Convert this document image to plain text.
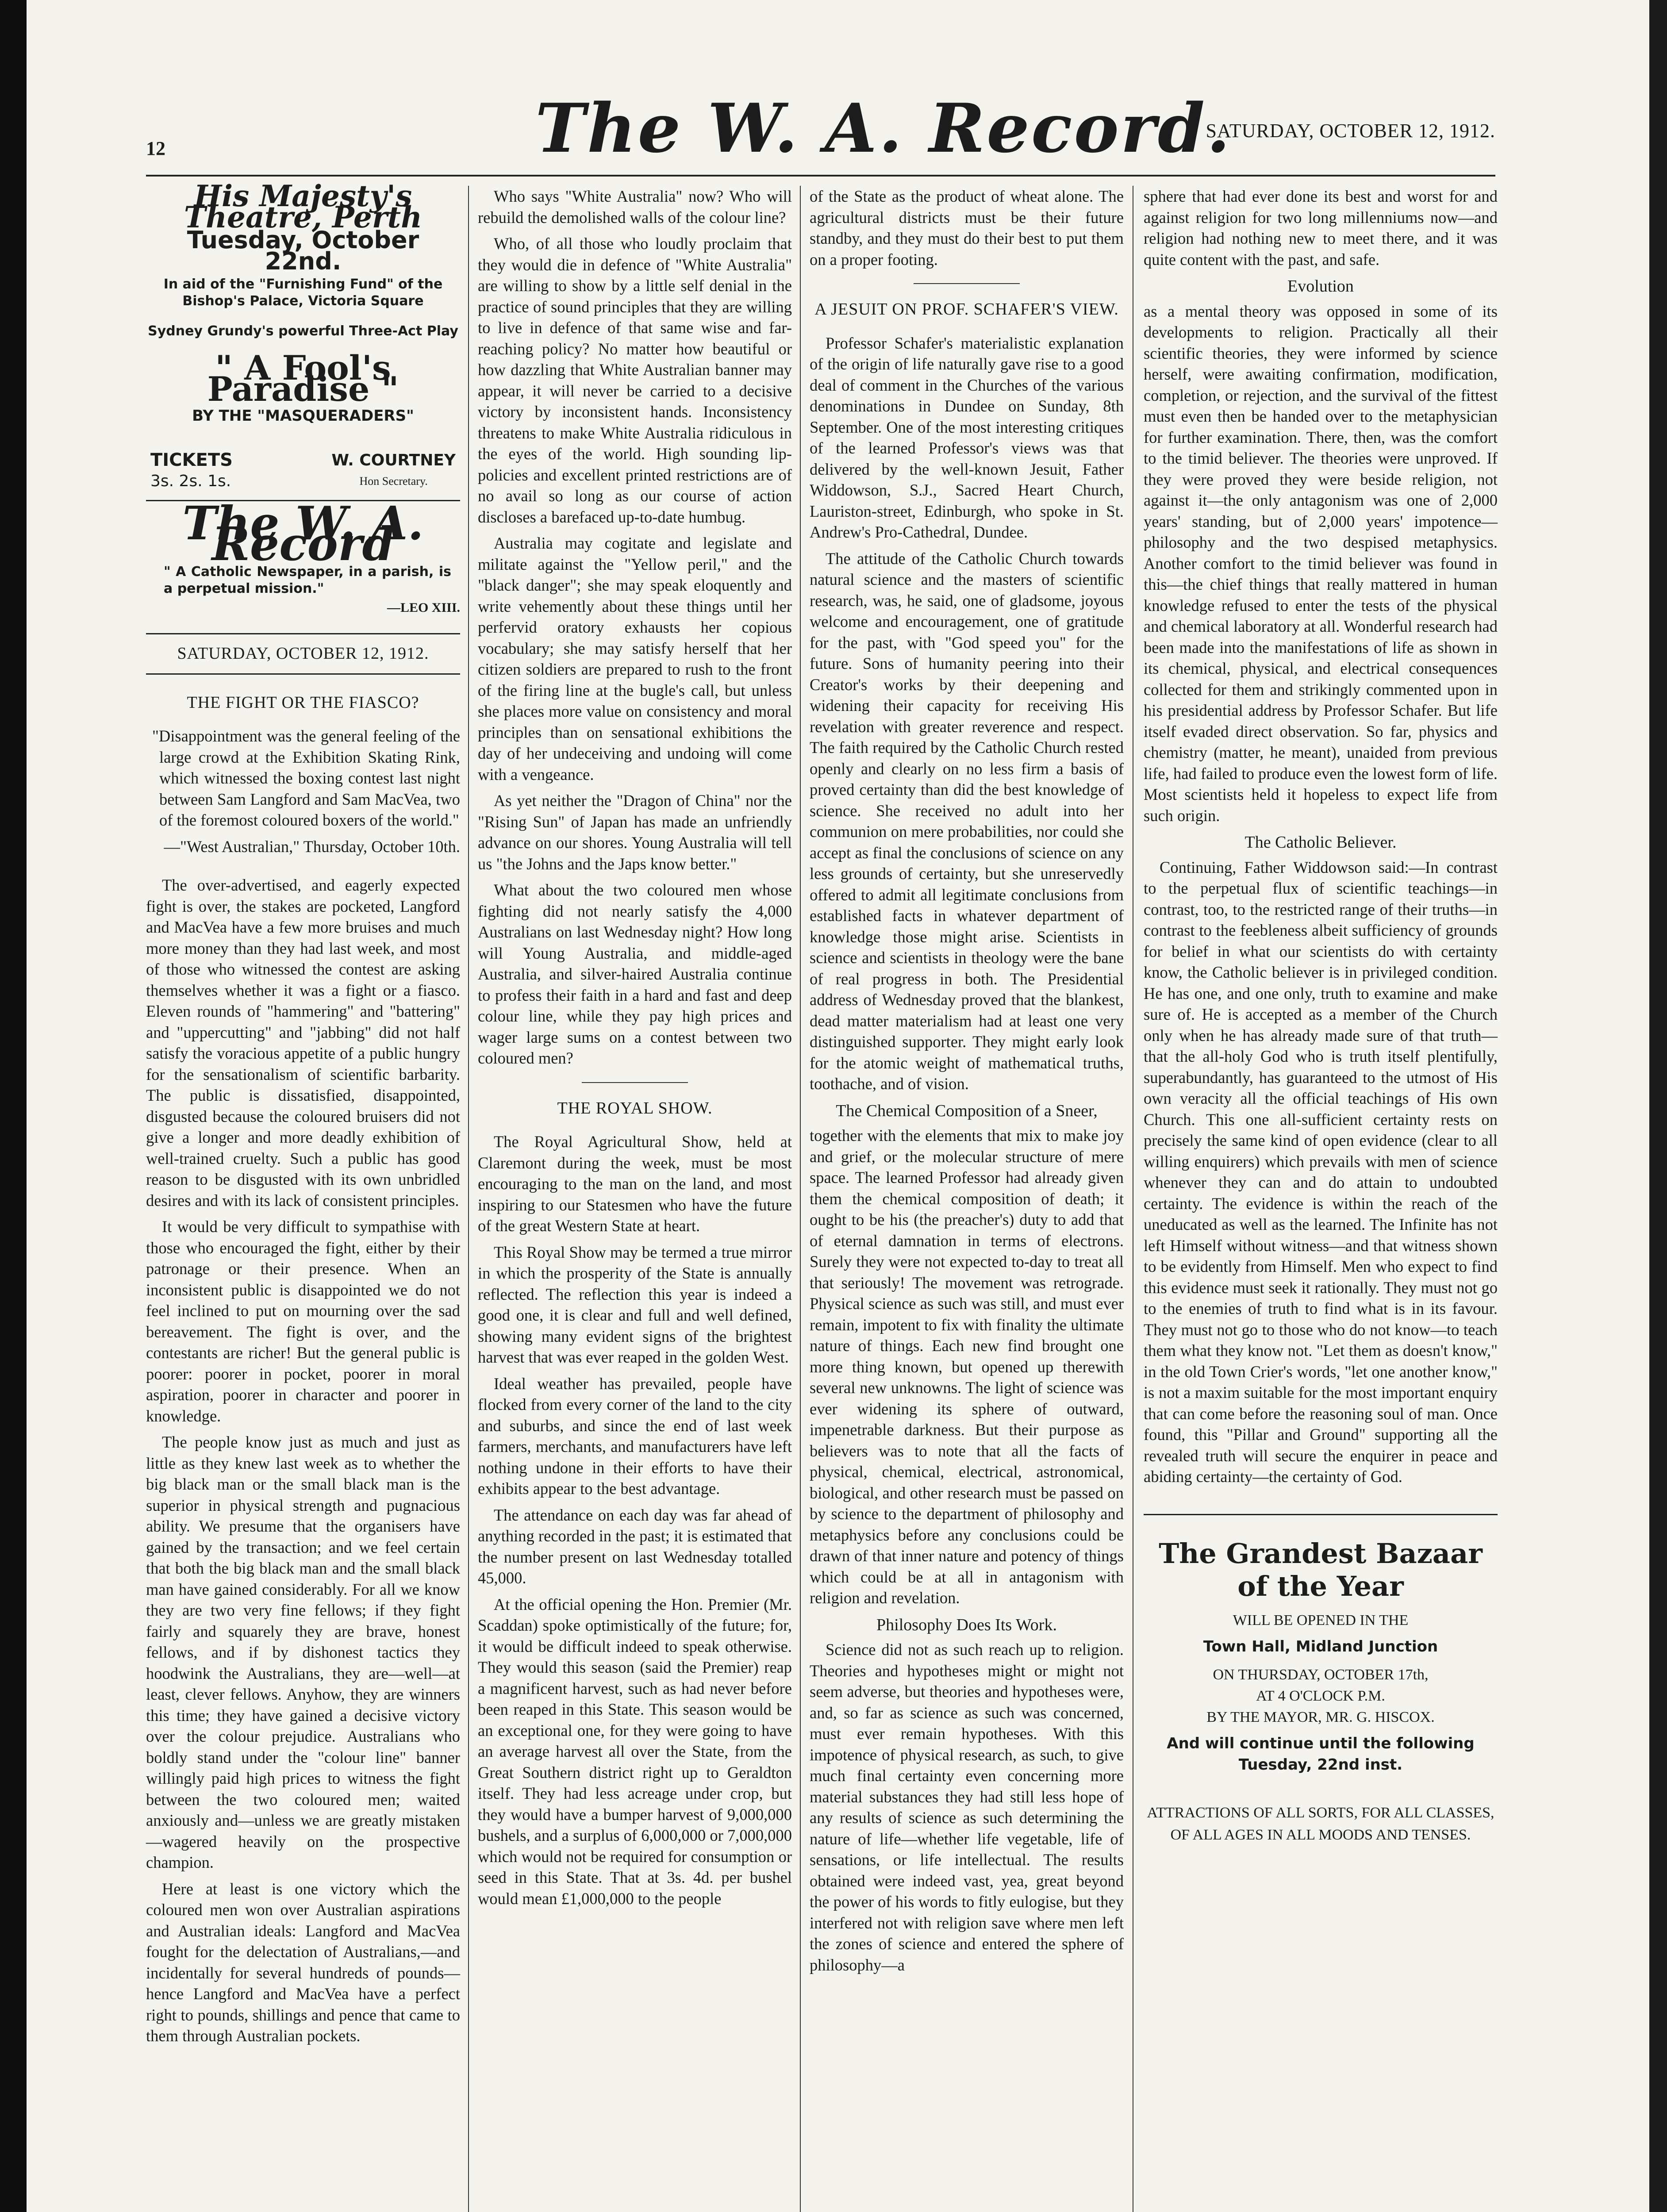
12	The W. A. Record.
SATURDAY, OCTOBER 12, 1912.
His Majesty's Theatre, Perth
Tuesday, October 22nd.
In aid of the "Furnishing Fund" of the Bishop's Palace, Victoria Square
Sydney Grundy's powerful Three-Act Play
" A Fool's Paradise "
BY THE "MASQUERADERS"
TICKETS
3s. 2s. 1s.
W. COURTNEY
Hon Secretary.
The W. A. Record
" A Catholic Newspaper, in a parish, is a perpetual mission."
—LEO XIII.
SATURDAY, OCTOBER 12, 1912.
THE FIGHT OR THE FIASCO?

"Disappointment was the general feeling of the large crowd at the Exhibition Skating Rink, which witnessed the boxing contest last night between Sam Langford and Sam MacVea, two of the foremost coloured boxers of the world."

—"West Australian," Thursday, October 10th.

The over-advertised, and eagerly expected fight is over, the stakes are pocketed, Langford and MacVea have a few more bruises and much more money than they had last week, and most of those who witnessed the contest are asking themselves whether it was a fight or a fiasco. Eleven rounds of "hammering" and "battering" and "uppercutting" and "jabbing" did not half satisfy the voracious appetite of a public hungry for the sensationalism of scientific barbarity. The public is dissatisfied, disappointed, disgusted because the coloured bruisers did not give a longer and more deadly exhibition of well-trained cruelty. Such a public has good reason to be disgusted with its own unbridled desires and with its lack of consistent principles.

It would be very difficult to sympathise with those who encouraged the fight, either by their patronage or their presence. When an inconsistent public is disappointed we do not feel inclined to put on mourning over the sad bereavement. The fight is over, and the contestants are richer! But the general public is poorer: poorer in pocket, poorer in moral aspiration, poorer in character and poorer in knowledge.

The people know just as much and just as little as they knew last week as to whether the big black man or the small black man is the superior in physical strength and pugnacious ability. We presume that the organisers have gained by the transaction; and we feel certain that both the big black man and the small black man have gained considerably. For all we know they are two very fine fellows; if they fight fairly and squarely they are brave, honest fellows, and if by dishonest tactics they hoodwink the Australians, they are—well—at least, clever fellows. Anyhow, they are winners this time; they have gained a decisive victory over the colour prejudice. Australians who boldly stand under the "colour line" banner willingly paid high prices to witness the fight between the two coloured men; waited anxiously and—unless we are greatly mistaken—wagered heavily on the prospective champion.

Here at least is one victory which the coloured men won over Australian aspirations and Australian ideals: Langford and MacVea fought for the delectation of Australians,—and incidentally for several hundreds of pounds—hence Langford and MacVea have a perfect right to pounds, shillings and pence that came to them through Australian pockets.

Who says "White Australia" now? Who will rebuild the demolished walls of the colour line?

Who, of all those who loudly proclaim that they would die in defence of "White Australia" are willing to show by a little self denial in the practice of sound principles that they are willing to live in defence of that same wise and far-reaching policy? No matter how beautiful or how dazzling that White Australian banner may appear, it will never be carried to a decisive victory by inconsistent hands. Inconsistency threatens to make White Australia ridiculous in the eyes of the world. High sounding lip-policies and excellent printed restrictions are of no avail so long as our course of action discloses a barefaced up-to-date humbug.

Australia may cogitate and legislate and militate against the "Yellow peril," and the "black danger"; she may speak eloquently and write vehemently about these things until her perfervid oratory exhausts her copious vocabulary; she may satisfy herself that her citizen soldiers are prepared to rush to the front of the firing line at the bugle's call, but unless she places more value on consistency and moral principles than on sensational exhibitions the day of her undeceiving and undoing will come with a vengeance.

As yet neither the "Dragon of China" nor the "Rising Sun" of Japan has made an unfriendly advance on our shores. Young Australia will tell us "the Johns and the Japs know better."

What about the two coloured men whose fighting did not nearly satisfy the 4,000 Australians on last Wednesday night? How long will Young Australia, and middle-aged Australia, and silver-haired Australia continue to profess their faith in a hard and fast and deep colour line, while they pay high prices and wager large sums on a contest between two coloured men?

THE ROYAL SHOW.

The Royal Agricultural Show, held at Claremont during the week, must be most encouraging to the man on the land, and most inspiring to our Statesmen who have the future of the great Western State at heart.

This Royal Show may be termed a true mirror in which the prosperity of the State is annually reflected. The reflection this year is indeed a good one, it is clear and full and well defined, showing many evident signs of the brightest harvest that was ever reaped in the golden West.

Ideal weather has prevailed, people have flocked from every corner of the land to the city and suburbs, and since the end of last week farmers, merchants, and manufacturers have left nothing undone in their efforts to have their exhibits appear to the best advantage.

The attendance on each day was far ahead of anything recorded in the past; it is estimated that the number present on last Wednesday totalled 45,000.

At the official opening the Hon. Premier (Mr. Scaddan) spoke optimistically of the future; for, it would be difficult indeed to speak otherwise. They would this season (said the Premier) reap a magnificent harvest, such as had never before been reaped in this State. This season would be an exceptional one, for they were going to have an average harvest all over the State, from the Great Southern district right up to Geraldton itself. They had less acreage under crop, but they would have a bumper harvest of 9,000,000 bushels, and a surplus of 6,000,000 or 7,000,000 which would not be required for consumption or seed in this State. That at 3s. 4d. per bushel would mean £1,000,000 to the people

of the State as the product of wheat alone. The agricultural districts must be their future standby, and they must do their best to put them on a proper footing.

A JESUIT ON PROF. SCHAFER'S VIEW.

Professor Schafer's materialistic explanation of the origin of life naturally gave rise to a good deal of comment in the Churches of the various denominations in Dundee on Sunday, 8th September. One of the most interesting critiques of the learned Professor's views was that delivered by the well-known Jesuit, Father Widdowson, S.J., Sacred Heart Church, Lauriston-street, Edinburgh, who spoke in St. Andrew's Pro-Cathedral, Dundee.

The attitude of the Catholic Church towards natural science and the masters of scientific research, was, he said, one of gladsome, joyous welcome and encouragement, one of gratitude for the past, with "God speed you" for the future. Sons of humanity peering into their Creator's works by their deepening and widening their capacity for receiving His revelation with greater reverence and respect. The faith required by the Catholic Church rested openly and clearly on no less firm a basis of proved certainty than did the best knowledge of science. She received no adult into her communion on mere probabilities, nor could she accept as final the conclusions of science on any less grounds of certainty, but she unreservedly offered to admit all legitimate conclusions from established facts in whatever department of knowledge those might arise. Scientists in science and scientists in theology were the bane of real progress in both. The Presidential address of Wednesday proved that the blankest, dead matter materialism had at least one very distinguished supporter. They might early look for the atomic weight of mathematical truths, toothache, and of vision.

The Chemical Composition of a Sneer,

together with the elements that mix to make joy and grief, or the molecular structure of mere space. The learned Professor had already given them the chemical composition of death; it ought to be his (the preacher's) duty to add that of eternal damnation in terms of electrons. Surely they were not expected to-day to treat all that seriously! The movement was retrograde. Physical science as such was still, and must ever remain, impotent to fix with finality the ultimate nature of things. Each new find brought one more thing known, but opened up therewith several new unknowns. The light of science was ever widening its sphere of outward, impenetrable darkness. But their purpose as believers was to note that all the facts of physical, chemical, electrical, astronomical, biological, and other research must be passed on by science to the department of philosophy and metaphysics before any conclusions could be drawn of that inner nature and potency of things which could be at all in antagonism with religion and revelation.

Philosophy Does Its Work.

Science did not as such reach up to religion. Theories and hypotheses might or might not seem adverse, but theories and hypotheses were, and, so far as science as such was concerned, must ever remain hypotheses. With this impotence of physical research, as such, to give much final certainty even concerning more material substances they had still less hope of any results of science as such determining the nature of life—whether life vegetable, life of sensations, or life intellectual. The results obtained were indeed vast, yea, great beyond the power of his words to fitly eulogise, but they interfered not with religion save where men left the zones of science and entered the sphere of philosophy—a

sphere that had ever done its best and worst for and against religion for two long millenniums now—and religion had nothing new to meet there, and it was quite content with the past, and safe.

Evolution

as a mental theory was opposed in some of its developments to religion. Practically all their scientific theories, they were informed by science herself, were awaiting confirmation, modification, completion, or rejection, and the survival of the fittest must even then be handed over to the metaphysician for further examination. There, then, was the comfort to the timid believer. The theories were unproved. If they were proved they were beside religion, not against it—the only antagonism was one of 2,000 years' standing, but of 2,000 years' impotence—philosophy and the two despised metaphysics. Another comfort to the timid believer was found in this—the chief things that really mattered in human knowledge refused to enter the tests of the physical and chemical laboratory at all. Wonderful research had been made into the manifestations of life as shown in its chemical, physical, and electrical consequences collected for them and strikingly commented upon in his presidential address by Professor Schafer. But life itself evaded direct observation. So far, physics and chemistry (matter, he meant), unaided from previous life, had failed to produce even the lowest form of life. Most scientists held it hopeless to expect life from such origin.

The Catholic Believer.

Continuing, Father Widdowson said:—In contrast to the perpetual flux of scientific teachings—in contrast, too, to the restricted range of their truths—in contrast to the feebleness albeit sufficiency of grounds for belief in what our scientists do with certainty know, the Catholic believer is in privileged condition. He has one, and one only, truth to examine and make sure of. He is accepted as a member of the Church only when he has already made sure of that truth—that the all-holy God who is truth itself plentifully, superabundantly, has guaranteed to the utmost of His own veracity all the official teachings of His own Church. This one all-sufficient certainty rests on precisely the same kind of open evidence (clear to all willing enquirers) which prevails with men of science whenever they can and do attain to undoubted certainty. The evidence is within the reach of the uneducated as well as the learned. The Infinite has not left Himself without witness—and that witness shown to be evidently from Himself. Men who expect to find this evidence must seek it rationally. They must not go to the enemies of truth to find what is in its favour. They must not go to those who do not know—to teach them what they know not. "Let them as doesn't know," in the old Town Crier's words, "let one another know," is not a maxim suitable for the most important enquiry that can come before the reasoning soul of man. Once found, this "Pillar and Ground" supporting all the revealed truth will secure the enquirer in peace and abiding certainty—the certainty of God.

The Grandest Bazaar of the Year
WILL BE OPENED IN THE
Town Hall, Midland Junction
ON THURSDAY, OCTOBER 17th,
AT 4 O'CLOCK P.M.
BY THE MAYOR, MR. G. HISCOX.
And will continue until the following Tuesday, 22nd inst.
ATTRACTIONS OF ALL SORTS, FOR ALL CLASSES, OF ALL AGES IN ALL MOODS AND TENSES.
